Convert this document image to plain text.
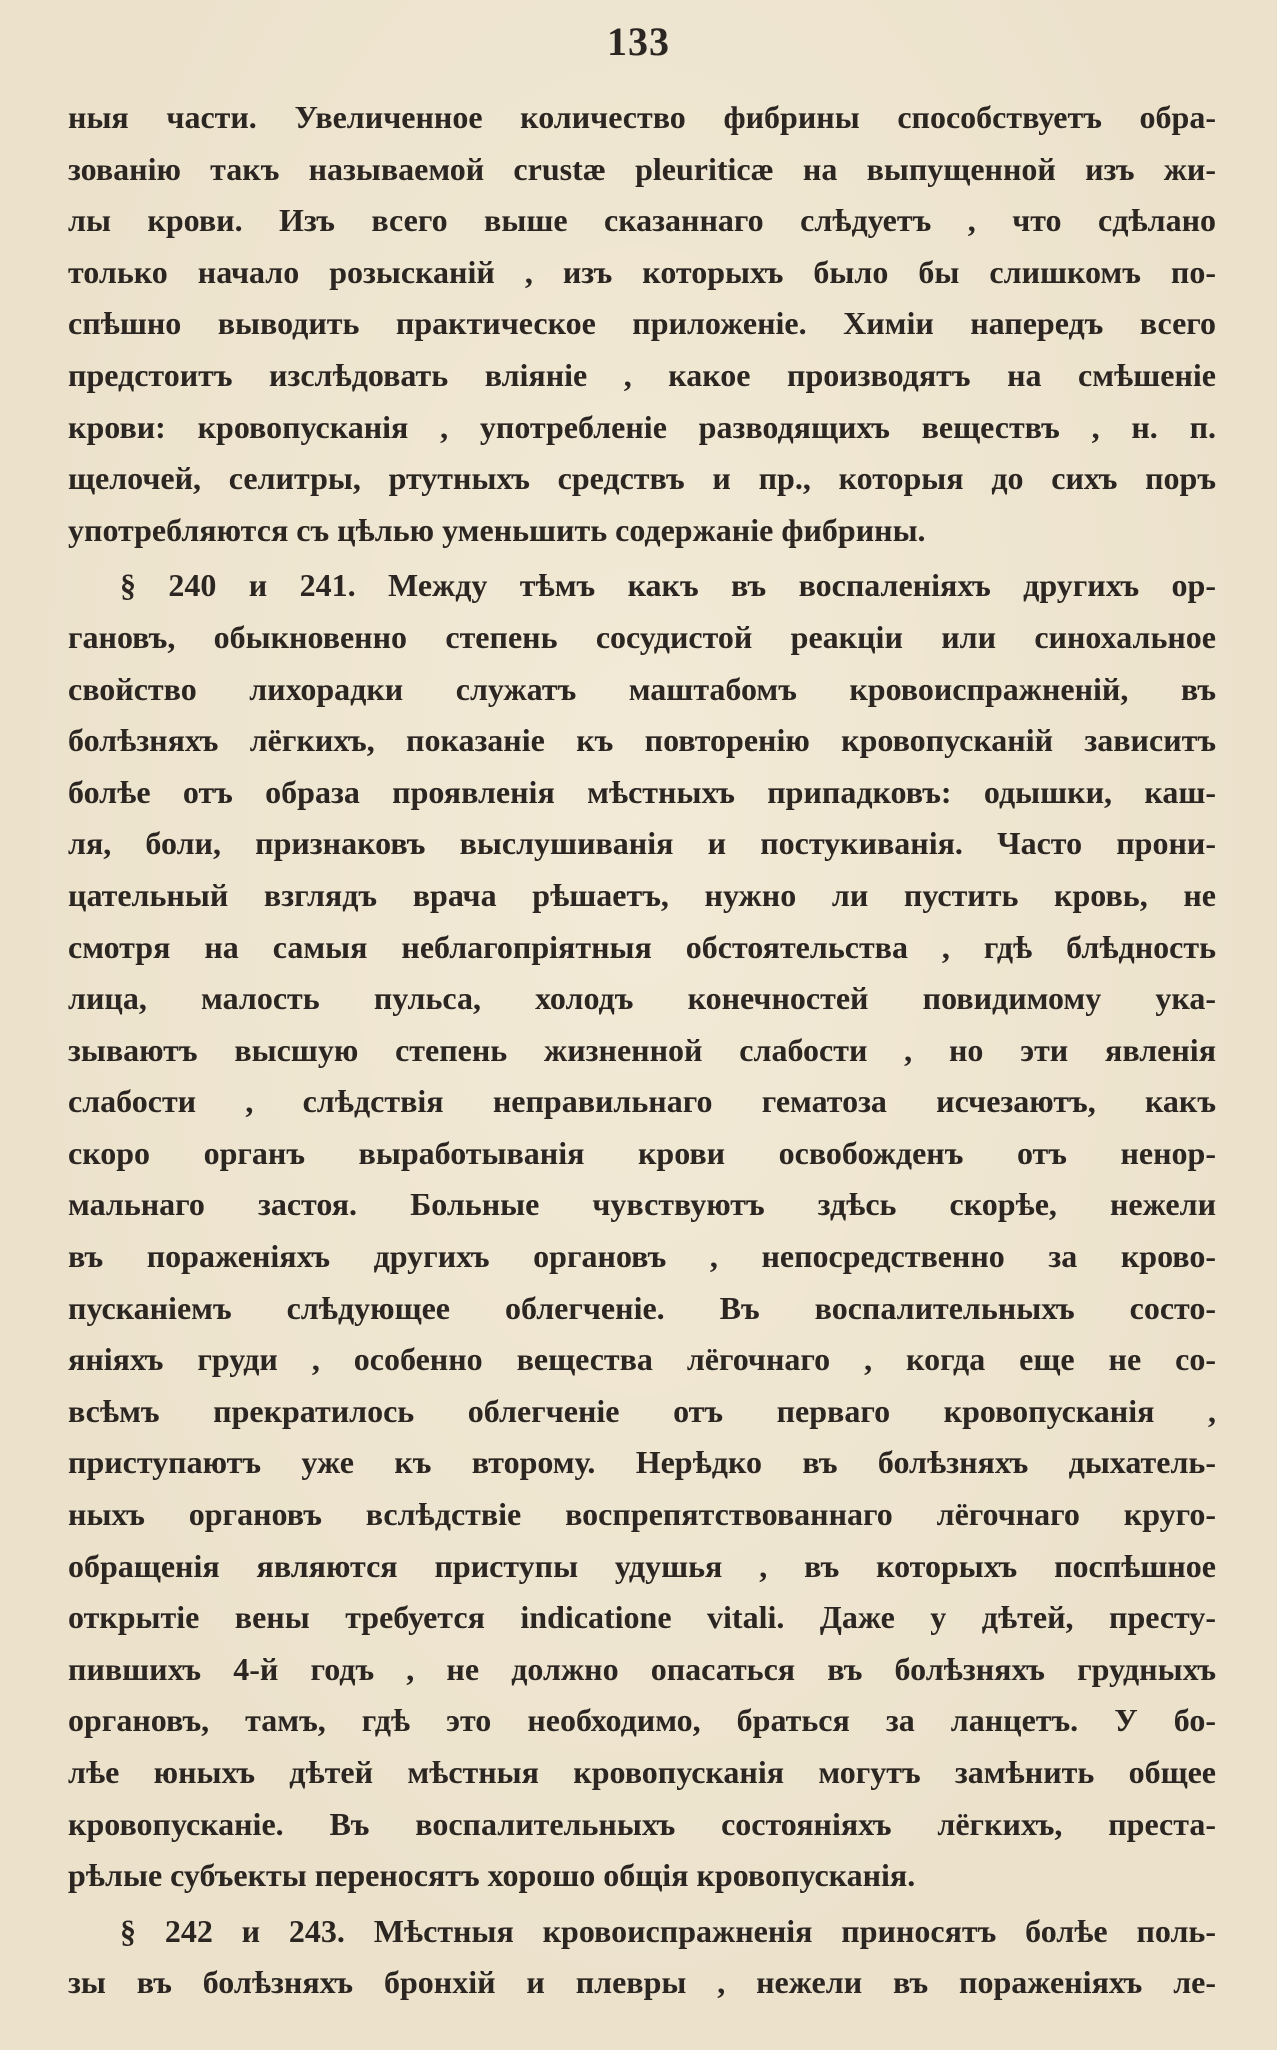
133
ныя части. Увеличенное количество фибрины способствуетъ обра-
зованію такъ называемой crustæ pleuriticæ на выпущенной изъ жи-
лы крови. Изъ всего выше сказаннаго слѣдуетъ , что сдѣлано
только начало розысканій , изъ которыхъ было бы слишкомъ по-
спѣшно выводить практическое приложеніе. Химіи напередъ всего
предстоитъ изслѣдовать вліяніе , какое производятъ на смѣшеніе
крови: кровопусканія , употребленіе разводящихъ веществъ , н. п.
щелочей, селитры, ртутныхъ средствъ и пр., которыя до сихъ поръ
употребляются съ цѣлью уменьшить содержаніе фибрины.
§ 240 и 241. Между тѣмъ какъ въ воспаленіяхъ другихъ ор-
гановъ, обыкновенно степень сосудистой реакціи или синохальное
свойство лихорадки служатъ маштабомъ кровоиспражненій, въ
болѣзняхъ лёгкихъ, показаніе къ повторенію кровопусканій зависитъ
болѣе отъ образа проявленія мѣстныхъ припадковъ: одышки, каш-
ля, боли, признаковъ выслушиванія и постукиванія. Часто прони-
цательный взглядъ врача рѣшаетъ, нужно ли пустить кровь, не
смотря на самыя неблагопріятныя обстоятельства , гдѣ блѣдность
лица, малость пульса, холодъ конечностей повидимому ука-
зываютъ высшую степень жизненной слабости , но эти явленія
слабости , слѣдствія неправильнаго гематоза исчезаютъ, какъ
скоро органъ выработыванія крови освобожденъ отъ ненор-
мальнаго застоя. Больные чувствуютъ здѣсь скорѣе, нежели
въ пораженіяхъ другихъ органовъ , непосредственно за крово-
пусканіемъ слѣдующее облегченіе. Въ воспалительныхъ состо-
яніяхъ груди , особенно вещества лёгочнаго , когда еще не со-
всѣмъ прекратилось облегченіе отъ перваго кровопусканія ,
приступаютъ уже къ второму. Нерѣдко въ болѣзняхъ дыхатель-
ныхъ органовъ вслѣдствіе воспрепятствованнаго лёгочнаго круго-
обращенія являются приступы удушья , въ которыхъ поспѣшное
открытіе вены требуется indicatione vitali. Даже у дѣтей, престу-
пившихъ 4-й годъ , не должно опасаться въ болѣзняхъ грудныхъ
органовъ, тамъ, гдѣ это необходимо, браться за ланцетъ. У бо-
лѣе юныхъ дѣтей мѣстныя кровопусканія могутъ замѣнить общее
кровопусканіе. Въ воспалительныхъ состояніяхъ лёгкихъ, преста-
рѣлые субъекты переносятъ хорошо общія кровопусканія.
§ 242 и 243. Мѣстныя кровоиспражненія приносятъ болѣе поль-
зы въ болѣзняхъ бронхій и плевры , нежели въ пораженіяхъ ле-
